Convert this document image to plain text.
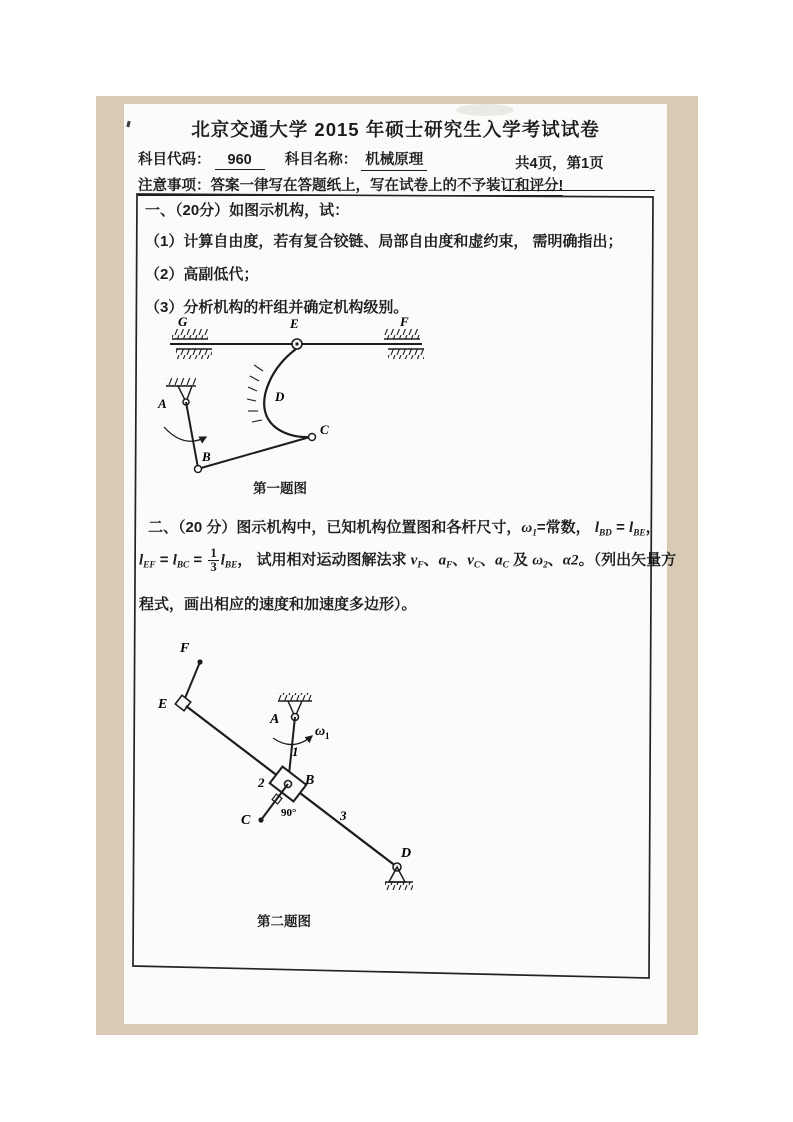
北京交通大学 2015 年硕士研究生入学考试试卷
科目代码： 960 科目名称： 机械原理	共4页，第1页
注意事项：答案一律写在答题纸上，写在试卷上的不予装订和评分!
一、（20分）如图示机构，试：
（1）计算自由度，若有复合铰链、局部自由度和虚约束， 需明确指出；
（2）高副低代；
（3）分析机构的杆组并确定机构级别。
G	F
E
D
A
B
C
第一题图
二、（20 分）图示机构中，已知机构位置图和各杆尺寸，$\omega_1=$常数， $l_{BD} = l_{BE}$，
$l_{EF} = l_{BC} = \frac{1}{3} l_{BE}$， 试用相对运动图解法求 $v_F$、$a_F$、$v_C$、$a_C$ 及 $\omega_2$、α2。（列出矢量方
程式，画出相应的速度和加速度多边形）。
F
E
A
1
ω 1
2	B
90°
C	3
D
第二题图
